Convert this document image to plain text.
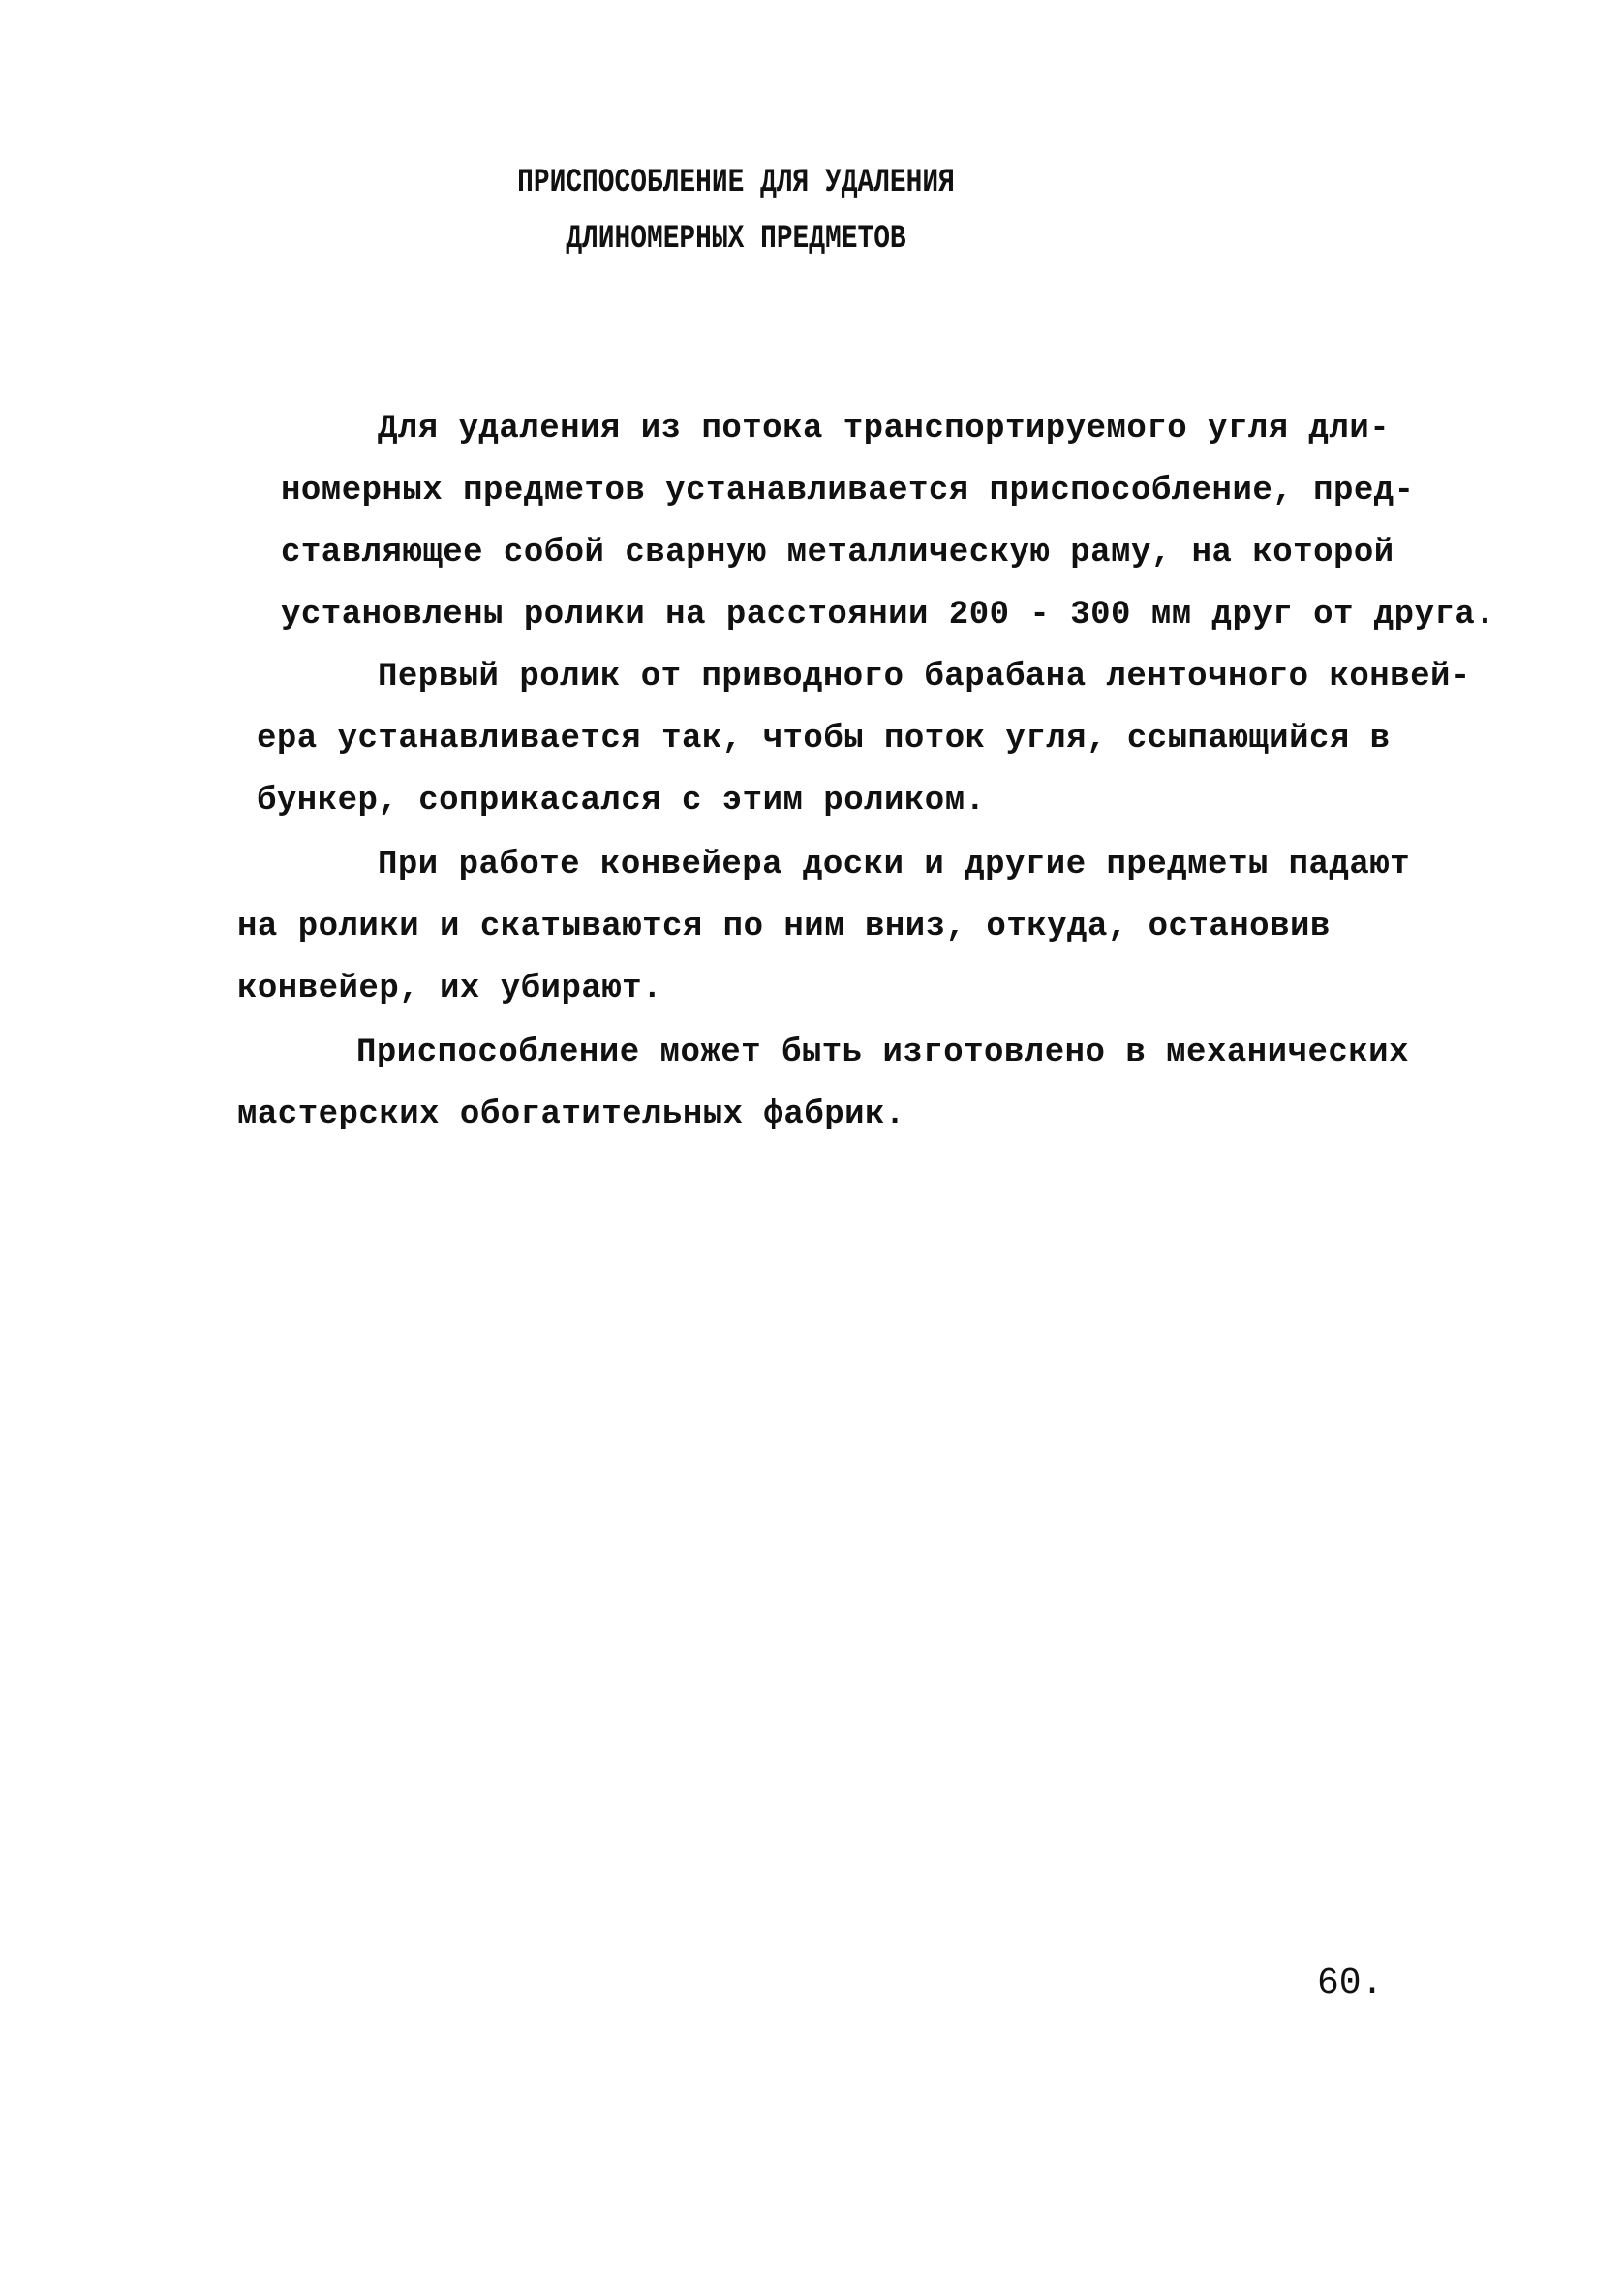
ПРИСПОСОБЛЕНИЕ ДЛЯ УДАЛЕНИЯ
ДЛИНОМЕРНЫХ ПРЕДМЕТОВ
Для удаления из потока транспортируемого угля дли-
номерных предметов устанавливается приспособление, пред-
ставляющее собой сварную металлическую раму, на которой
установлены ролики на расстоянии 200 - 300 мм друг от друга.
Первый ролик от приводного барабана ленточного конвей-
ера устанавливается так, чтобы поток угля, ссыпающийся в
бункер, соприкасался с этим роликом.
При работе конвейера доски и другие предметы падают
на ролики и скатываются по ним вниз, откуда, остановив
конвейер, их убирают.
Приспособление может быть изготовлено в механических
мастерских обогатительных фабрик.
60.
